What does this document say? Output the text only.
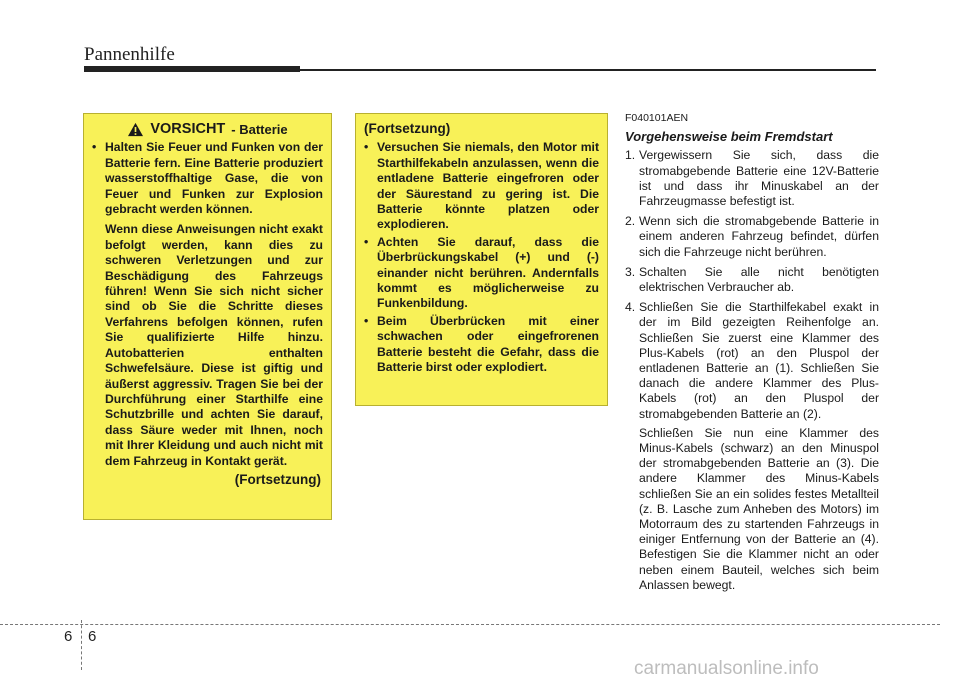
Pannenhilfe
VORSICHT - Batterie
• Halten Sie Feuer und Funken von der Batterie fern. Eine Batterie produziert wasserstoffhaltige Gase, die von Feuer und Funken zur Explosion gebracht werden können.
Wenn diese Anweisungen nicht exakt befolgt werden, kann dies zu schweren Verletzungen und zur Beschädigung des Fahrzeugs führen! Wenn Sie sich nicht sicher sind ob Sie die Schritte dieses Verfahrens befolgen können, rufen Sie qualifizierte Hilfe hinzu. Autobatterien enthalten Schwefelsäure. Diese ist giftig und äußerst aggressiv. Tragen Sie bei der Durchführung einer Starthilfe eine Schutzbrille und achten Sie darauf, dass Säure weder mit Ihnen, noch mit Ihrer Kleidung und auch nicht mit dem Fahrzeug in Kontakt gerät.
(Fortsetzung)
(Fortsetzung)
• Versuchen Sie niemals, den Motor mit Starthilfekabeln anzulassen, wenn die entladene Batterie eingefroren oder der Säurestand zu gering ist. Die Batterie könnte platzen oder explodieren.
• Achten Sie darauf, dass die Überbrückungskabel (+) und (-) einander nicht berühren. Andernfalls kommt es möglicherweise zu Funkenbildung.
• Beim Überbrücken mit einer schwachen oder eingefrorenen Batterie besteht die Gefahr, dass die Batterie birst oder explodiert.
F040101AEN
Vorgehensweise beim Fremdstart
1. Vergewissern Sie sich, dass die stromabgebende Batterie eine 12V-Batterie ist und dass ihr Minuskabel an der Fahrzeugmasse befestigt ist.
2. Wenn sich die stromabgebende Batterie in einem anderen Fahrzeug befindet, dürfen sich die Fahrzeuge nicht berühren.
3. Schalten Sie alle nicht benötigten elektrischen Verbraucher ab.
4. Schließen Sie die Starthilfekabel exakt in der im Bild gezeigten Reihenfolge an. Schließen Sie zuerst eine Klammer des Plus-Kabels (rot) an den Pluspol der entladenen Batterie an (1). Schließen Sie danach die andere Klammer des Plus-Kabels (rot) an den Pluspol der stromabgebenden Batterie an (2).
Schließen Sie nun eine Klammer des Minus-Kabels (schwarz) an den Minuspol der stromabgebenden Batterie an (3). Die andere Klammer des Minus-Kabels schließen Sie an ein solides festes Metallteil (z. B. Lasche zum Anheben des Motors) im Motorraum des zu startenden Fahrzeugs in einiger Entfernung von der Batterie an (4). Befestigen Sie die Klammer nicht an oder neben einem Bauteil, welches sich beim Anlassen bewegt.
6 6
carmanualsonline.info
